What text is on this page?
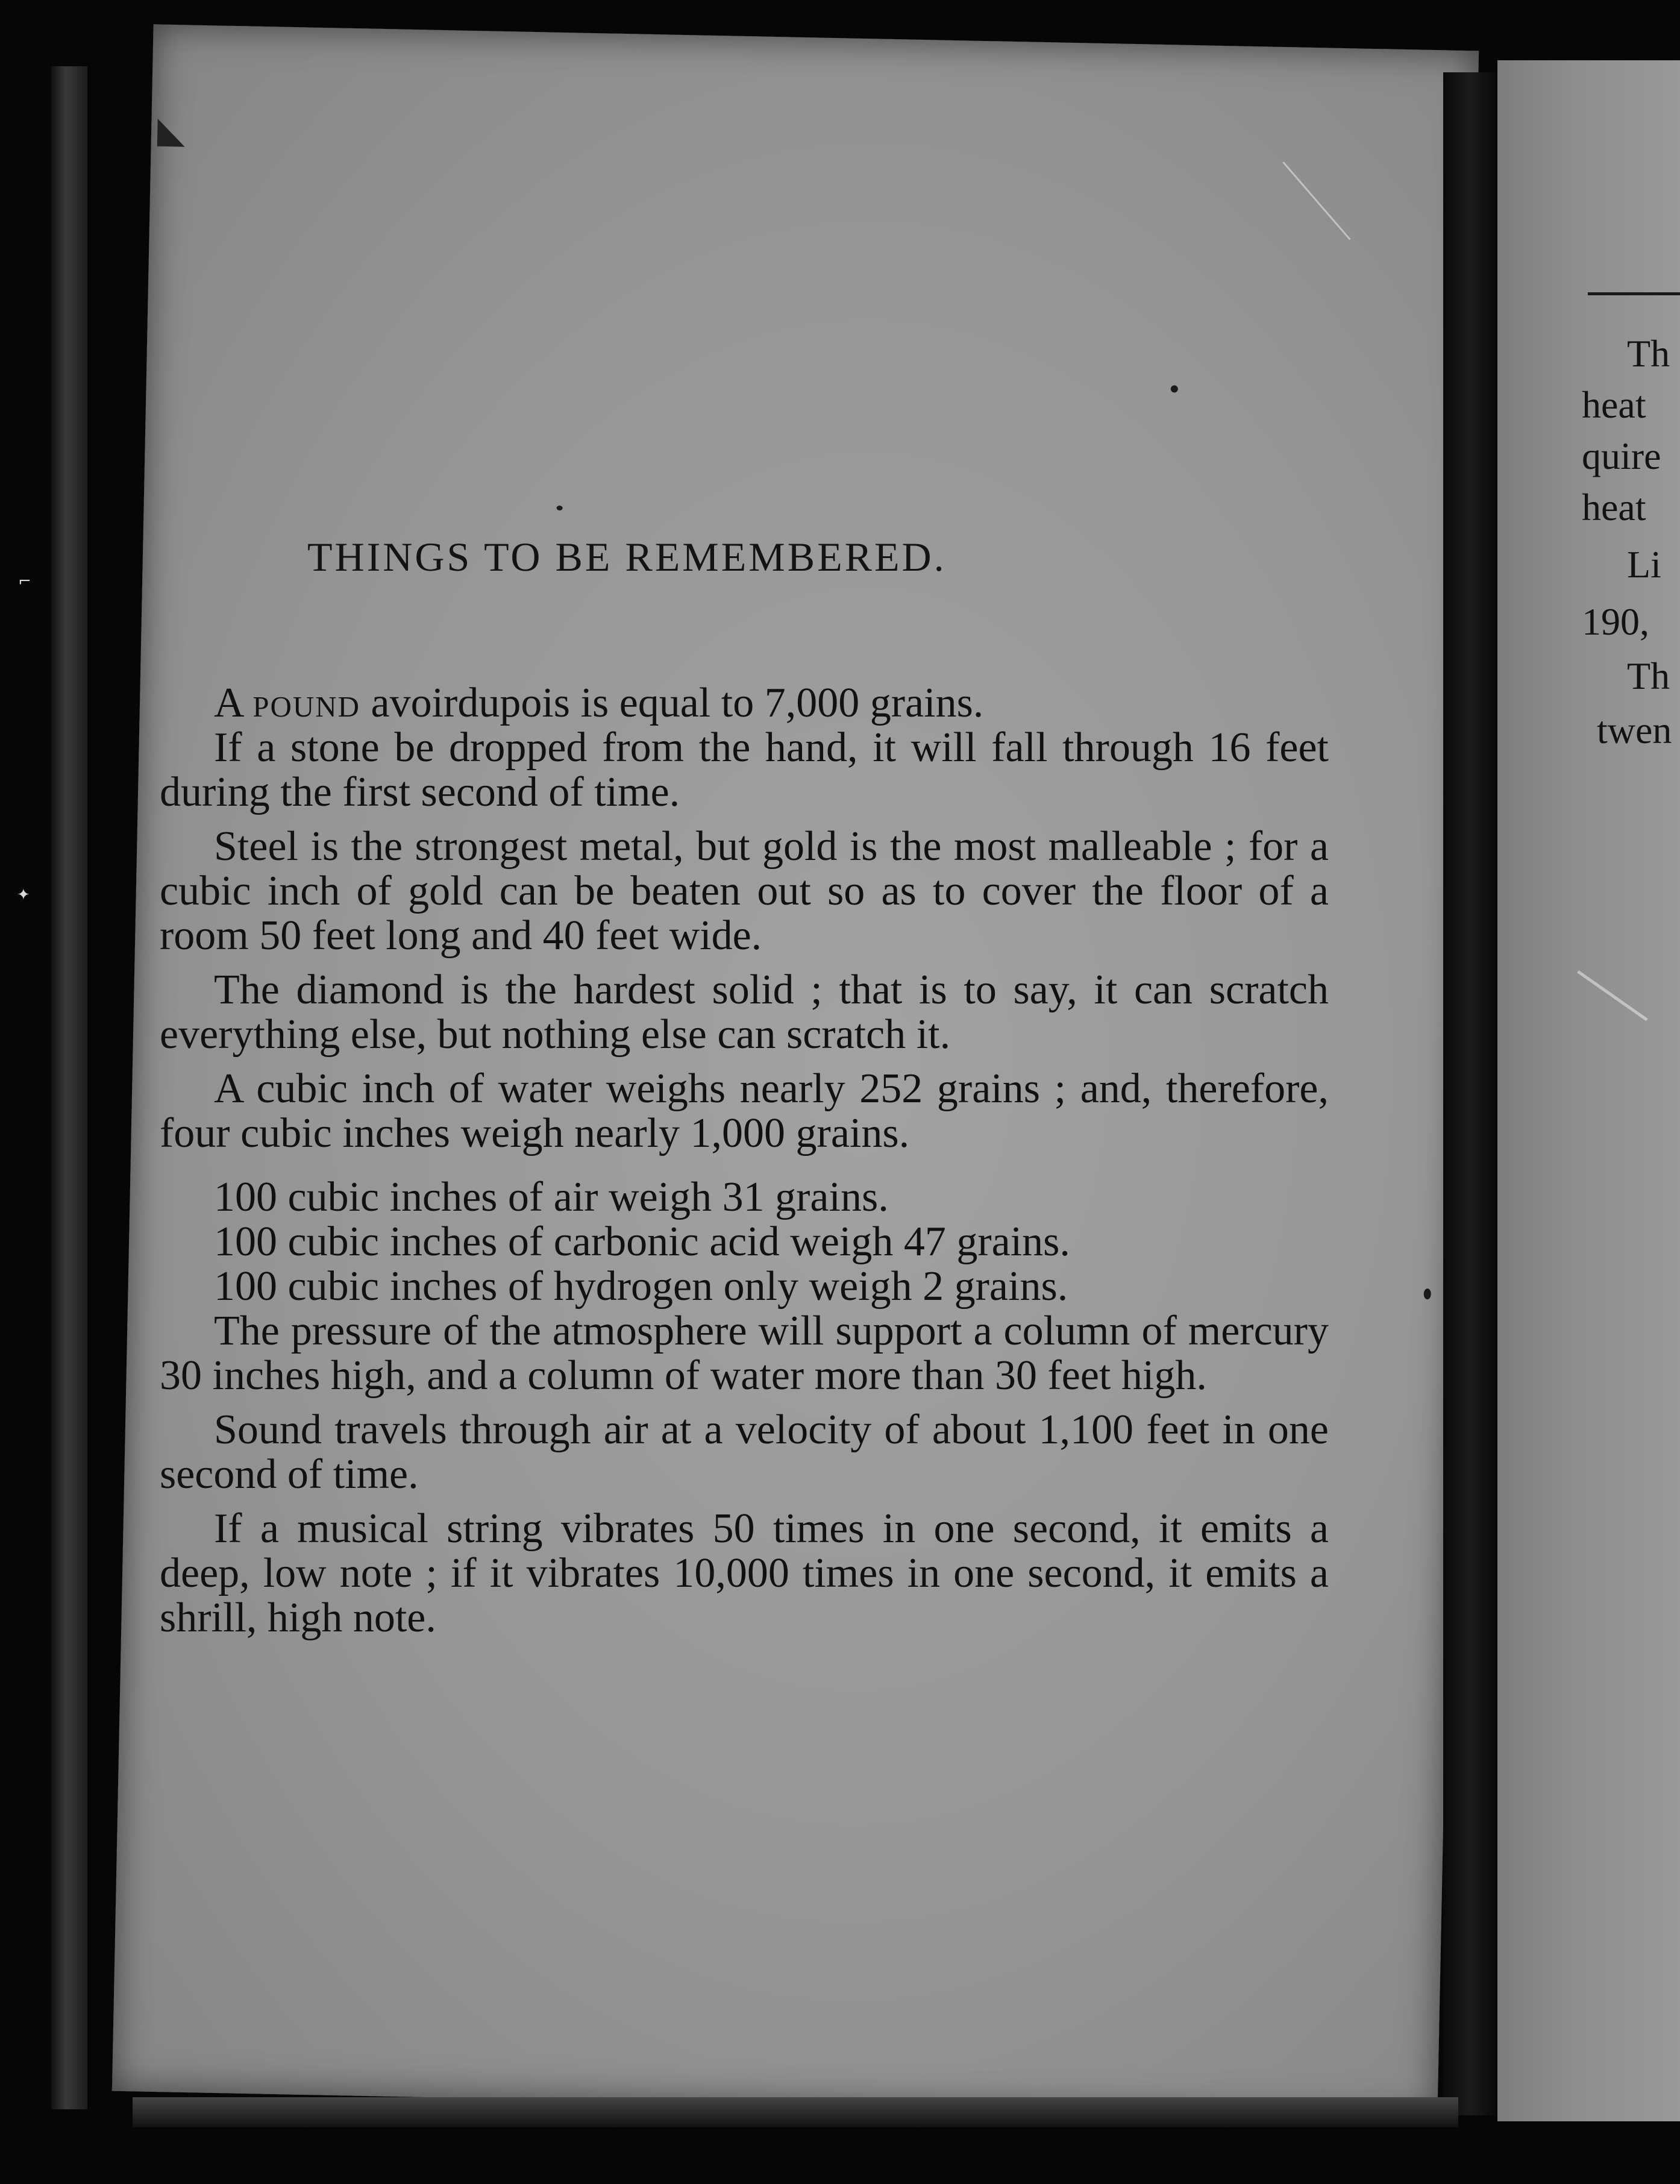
⌐
✦
◣
Th
heat
quire
heat
Li
190,
Th
twen
THINGS TO BE REMEMBERED.

A pound avoirdupois is equal to 7,000 grains.

If a stone be dropped from the hand, it will fall through 16 feet during the first second of time.

Steel is the strongest metal, but gold is the most malleable ; for a cubic inch of gold can be beaten out so as to cover the floor of a room 50 feet long and 40 feet wide.

The diamond is the hardest solid ; that is to say, it can scratch everything else, but nothing else can scratch it.

A cubic inch of water weighs nearly 252 grains ; and, therefore, four cubic inches weigh nearly 1,000 grains.

100 cubic inches of air weigh 31 grains.

100 cubic inches of carbonic acid weigh 47 grains.

100 cubic inches of hydrogen only weigh 2 grains.

The pressure of the atmosphere will support a column of mercury 30 inches high, and a column of water more than 30 feet high.

Sound travels through air at a velocity of about 1,100 feet in one second of time.

If a musical string vibrates 50 times in one second, it emits a deep, low note ; if it vibrates 10,000 times in one second, it emits a shrill, high note.
